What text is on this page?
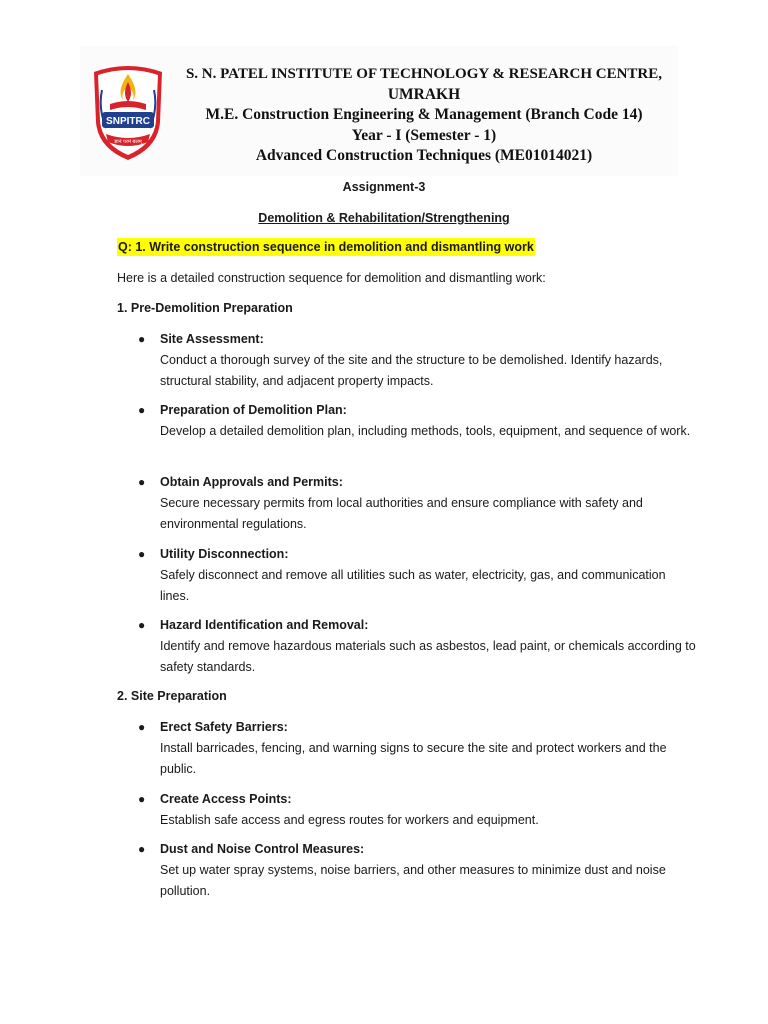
SNPITRC
ज्ञानं परमं बलम्
S. N. PATEL INSTITUTE OF TECHNOLOGY & RESEARCH CENTRE,
UMRAKH
M.E. Construction Engineering & Management (Branch Code 14)
Year - I (Semester - 1)
Advanced Construction Techniques (ME01014021)
Assignment-3
Demolition & Rehabilitation/Strengthening
Q: 1. Write construction sequence in demolition and dismantling work
Here is a detailed construction sequence for demolition and dismantling work:
1. Pre-Demolition Preparation
● Site Assessment:
Conduct a thorough survey of the site and the structure to be demolished. Identify hazards, structural stability, and adjacent property impacts.
● Preparation of Demolition Plan:
Develop a detailed demolition plan, including methods, tools, equipment, and sequence of work.
● Obtain Approvals and Permits:
Secure necessary permits from local authorities and ensure compliance with safety and environmental regulations.
● Utility Disconnection:
Safely disconnect and remove all utilities such as water, electricity, gas, and communication lines.
● Hazard Identification and Removal:
Identify and remove hazardous materials such as asbestos, lead paint, or chemicals according to safety standards.
2. Site Preparation
● Erect Safety Barriers:
Install barricades, fencing, and warning signs to secure the site and protect workers and the public.
● Create Access Points:
Establish safe access and egress routes for workers and equipment.
● Dust and Noise Control Measures:
Set up water spray systems, noise barriers, and other measures to minimize dust and noise pollution.
